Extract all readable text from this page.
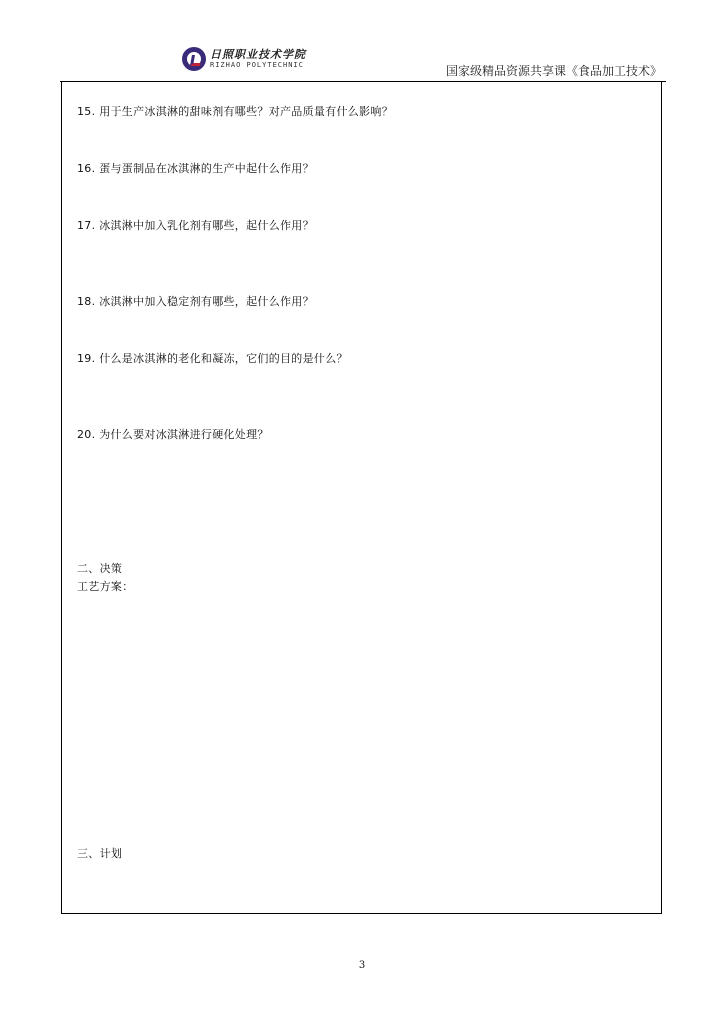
日照职业技术学院
RIZHAO POLYTECHNIC	国家级精品资源共享课《食品加工技术》
15. 用于生产冰淇淋的甜味剂有哪些？对产品质量有什么影响？
16. 蛋与蛋制品在冰淇淋的生产中起什么作用？
17. 冰淇淋中加入乳化剂有哪些，起什么作用？
18. 冰淇淋中加入稳定剂有哪些，起什么作用？
19. 什么是冰淇淋的老化和凝冻，它们的目的是什么？
20. 为什么要对冰淇淋进行硬化处理？
二、决策
工艺方案：
三、计划
3
